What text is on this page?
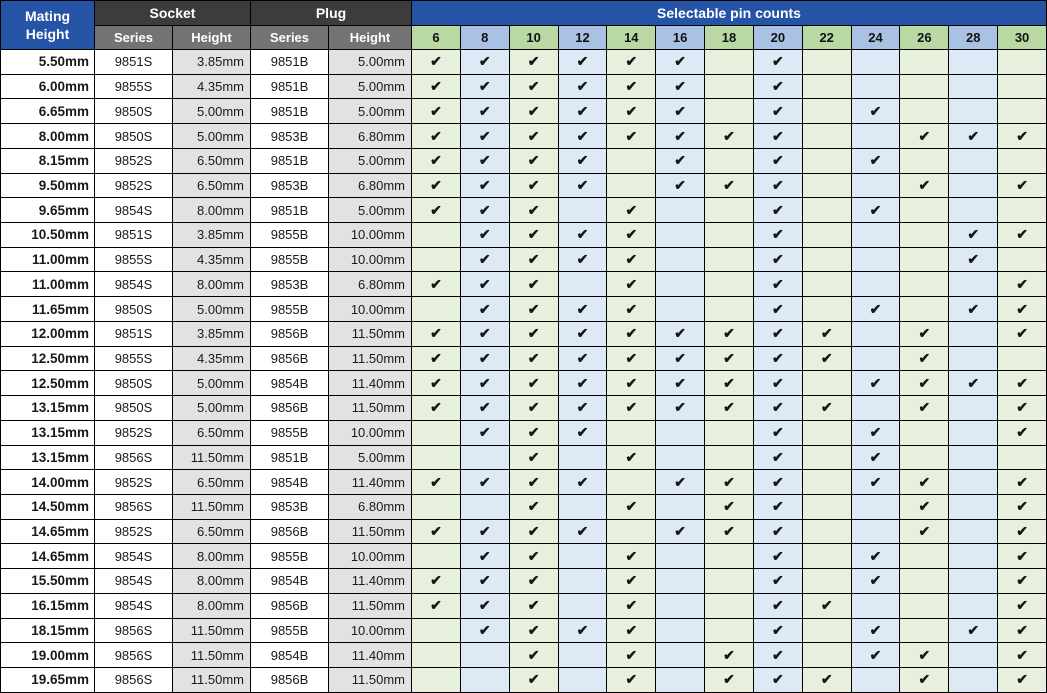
Mating
Height	Socket		Plug		Selectable pin counts												
	Series	Height	Series	Height	6	8	10	12	14	16	18	20	22	24	26	28	30
5.50mm	9851S	3.85mm	9851B	5.00mm	✔	✔	✔	✔	✔	✔		✔					
6.00mm	9855S	4.35mm	9851B	5.00mm	✔	✔	✔	✔	✔	✔		✔					
6.65mm	9850S	5.00mm	9851B	5.00mm	✔	✔	✔	✔	✔	✔		✔		✔			
8.00mm	9850S	5.00mm	9853B	6.80mm	✔	✔	✔	✔	✔	✔	✔	✔			✔	✔	✔
8.15mm	9852S	6.50mm	9851B	5.00mm	✔	✔	✔	✔		✔		✔		✔			
9.50mm	9852S	6.50mm	9853B	6.80mm	✔	✔	✔	✔		✔	✔	✔			✔		✔
9.65mm	9854S	8.00mm	9851B	5.00mm	✔	✔	✔		✔			✔		✔			
10.50mm	9851S	3.85mm	9855B	10.00mm		✔	✔	✔	✔			✔				✔	✔
11.00mm	9855S	4.35mm	9855B	10.00mm		✔	✔	✔	✔			✔				✔	
11.00mm	9854S	8.00mm	9853B	6.80mm	✔	✔	✔		✔			✔					✔
11.65mm	9850S	5.00mm	9855B	10.00mm		✔	✔	✔	✔			✔		✔		✔	✔
12.00mm	9851S	3.85mm	9856B	11.50mm	✔	✔	✔	✔	✔	✔	✔	✔	✔		✔		✔
12.50mm	9855S	4.35mm	9856B	11.50mm	✔	✔	✔	✔	✔	✔	✔	✔	✔		✔		
12.50mm	9850S	5.00mm	9854B	11.40mm	✔	✔	✔	✔	✔	✔	✔	✔		✔	✔	✔	✔
13.15mm	9850S	5.00mm	9856B	11.50mm	✔	✔	✔	✔	✔	✔	✔	✔	✔		✔		✔
13.15mm	9852S	6.50mm	9855B	10.00mm		✔	✔	✔				✔		✔			✔
13.15mm	9856S	11.50mm	9851B	5.00mm			✔		✔			✔		✔			
14.00mm	9852S	6.50mm	9854B	11.40mm	✔	✔	✔	✔		✔	✔	✔		✔	✔		✔
14.50mm	9856S	11.50mm	9853B	6.80mm			✔		✔		✔	✔			✔		✔
14.65mm	9852S	6.50mm	9856B	11.50mm	✔	✔	✔	✔		✔	✔	✔			✔		✔
14.65mm	9854S	8.00mm	9855B	10.00mm		✔	✔		✔			✔		✔			✔
15.50mm	9854S	8.00mm	9854B	11.40mm	✔	✔	✔		✔			✔		✔			✔
16.15mm	9854S	8.00mm	9856B	11.50mm	✔	✔	✔		✔			✔	✔				✔
18.15mm	9856S	11.50mm	9855B	10.00mm		✔	✔	✔	✔			✔		✔		✔	✔
19.00mm	9856S	11.50mm	9854B	11.40mm			✔		✔		✔	✔		✔	✔		✔
19.65mm	9856S	11.50mm	9856B	11.50mm			✔		✔		✔	✔	✔		✔		✔
